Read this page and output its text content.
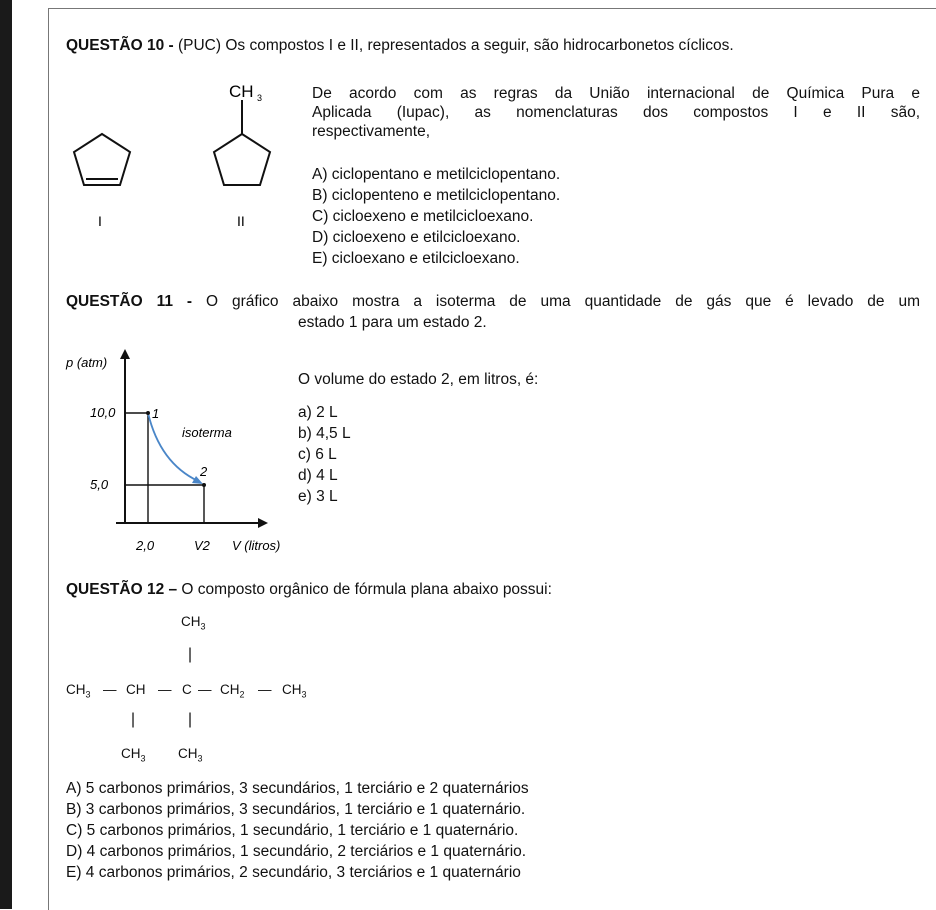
QUESTÃO 10 - (PUC) Os compostos I e II, representados a seguir, são hidrocarbonetos cíclicos.
CH 3
I	II
De acordo com as regras da União internacional de Química Pura e
Aplicada (Iupac), as nomenclaturas dos compostos I e II são,
respectivamente,
A) ciclopentano e metilciclopentano.
B) ciclopenteno e metilciclopentano.
C) cicloexeno e metilcicloexano.
D) cicloexeno e etilcicloexano.
E) cicloexano e etilcicloexano.
QUESTÃO 11 - O gráfico abaixo mostra a isoterma de uma quantidade de gás que é levado de um
estado 1 para um estado 2.
p (atm)
V (litros)
10,0
5,0
2,0	V2
1
2
isoterma
O volume do estado 2, em litros, é:
a) 2 L
b) 4,5 L
c) 6 L
d) 4 L
e) 3 L
QUESTÃO 12 – O composto orgânico de fórmula plana abaixo possui:
$CH_3$
|
$CH_3$ — CH — C — $CH_2$ — $CH_3$
|	|
$CH_3$ $CH_3$
A) 5 carbonos primários, 3 secundários, 1 terciário e 2 quaternários
B) 3 carbonos primários, 3 secundários, 1 terciário e 1 quaternário.
C) 5 carbonos primários, 1 secundário, 1 terciário e 1 quaternário.
D) 4 carbonos primários, 1 secundário, 2 terciários e 1 quaternário.
E) 4 carbonos primários, 2 secundário, 3 terciários e 1 quaternário
